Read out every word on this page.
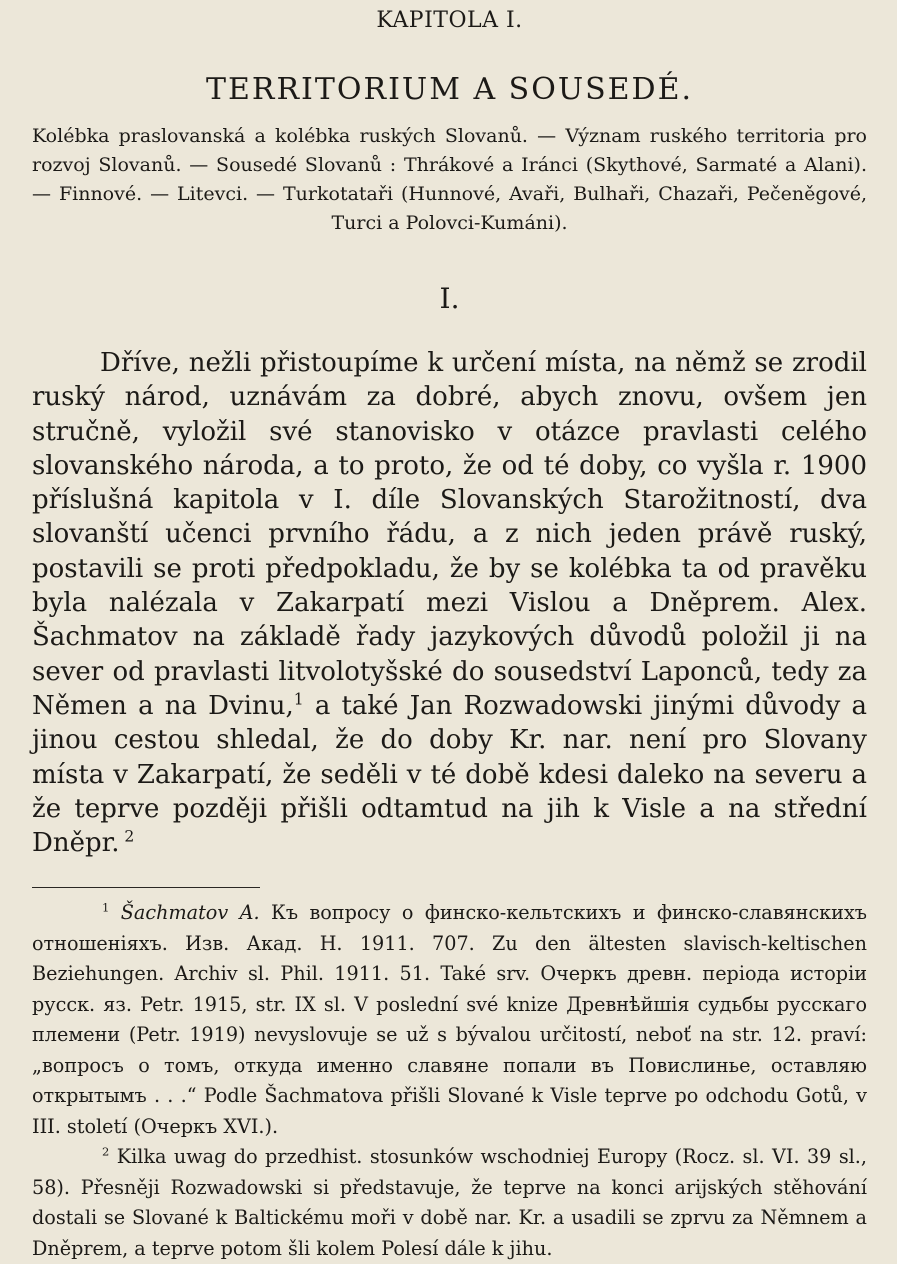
KAPITOLA I.
TERRITORIUM A SOUSEDÉ.

Kolébka praslovanská a kolébka ruských Slovanů. — Význam ruského territoria pro rozvoj Slovanů. — Sousedé Slovanů : Thrákové a Iránci (Skythové, Sarmaté a Alani). — Finnové. — Litevci. — Turkotataři (Hunnové, Avaři, Bulhaři, Chazaři, Pečeněgové, Turci a Polovci-Kumáni).

I.

Dříve, nežli přistoupíme k určení místa, na němž se zrodil ruský národ, uznávám za dobré, abych znovu, ovšem jen stručně, vyložil své stanovisko v otázce pravlasti celého slovanského národa, a to proto, že od té doby, co vyšla r. 1900 příslušná kapitola v I. díle Slovanských Starožitností, dva slovanští učenci prvního řádu, a z nich jeden právě ruský, postavili se proti předpokladu, že by se kolébka ta od pravěku byla nalézala v Zakarpatí mezi Vislou a Dněprem. Alex. Šachmatov na základě řady jazykových důvodů položil ji na sever od pravlasti litvolotyšské do sousedství Laponců, tedy za Němen a na Dvinu,$^1$ a také Jan Rozwadowski jinými důvody a jinou cestou shledal, že do doby Kr. nar. není pro Slovany místa v Zakarpatí, že seděli v té době kdesi daleko na severu a že teprve později přišli odtamtud na jih k Visle a na střední Dněpr. $^2$

$^1$ Šachmatov A. Къ вопросу о финско-кельтскихъ и финско-славянскихъ отношеніяхъ. Изв. Акад. Н. 1911. 707. Zu den ältesten slavisch-keltischen Beziehungen. Archiv sl. Phil. 1911. 51. Také srv. Очеркъ древн. періода исторіи русск. яз. Petr. 1915, str. IX sl. V poslední své knize Древнѣйшія судьбы русскаго племени (Petr. 1919) nevyslovuje se už s bývalou určitostí, neboť na str. 12. praví: „вопросъ о томъ, откуда именно славяне попали въ Повислинье, оставляю открытымъ . . .“ Podle Šachmatova přišli Slované k Visle teprve po odchodu Gotů, v III. století (Очеркъ XVI.).

$^2$ Kilka uwag do przedhist. stosunków wschodniej Europy (Rocz. sl. VI. 39 sl., 58). Přesněji Rozwadowski si představuje, že teprve na konci arijských stěhování dostali se Slované k Baltickému moři v době nar. Kr. a usadili se zprvu za Němnem a Dněprem, a teprve potom šli kolem Polesí dále k jihu.
